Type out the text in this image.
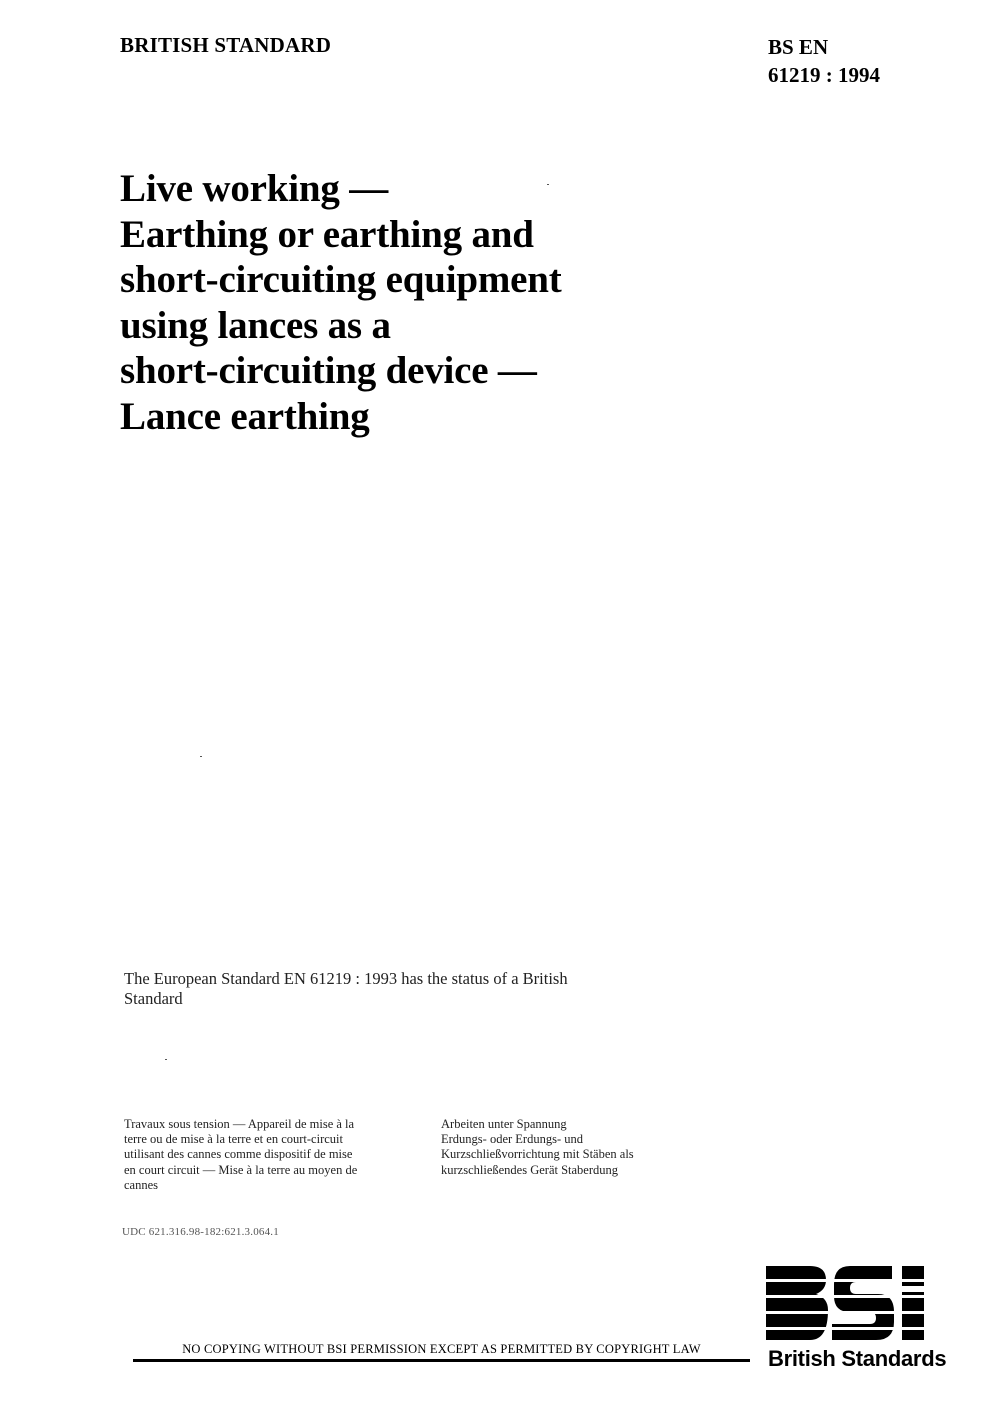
BRITISH STANDARD	BS EN
61219 : 1994
Live working —
Earthing or earthing and
short-circuiting equipment
using lances as a
short-circuiting device —
Lance earthing
The European Standard EN 61219 : 1993 has the status of a British Standard
Travaux sous tension — Appareil de mise à la
terre ou de mise à la terre et en court-circuit
utilisant des cannes comme dispositif de mise
en court circuit — Mise à la terre au moyen de
cannes
Arbeiten unter Spannung
Erdungs- oder Erdungs- und
Kurzschließvorrichtung mit Stäben als
kurzschließendes Gerät Staberdung
UDC 621.316.98-182:621.3.064.1
NO COPYING WITHOUT BSI PERMISSION EXCEPT AS PERMITTED BY COPYRIGHT LAW	British Standards
